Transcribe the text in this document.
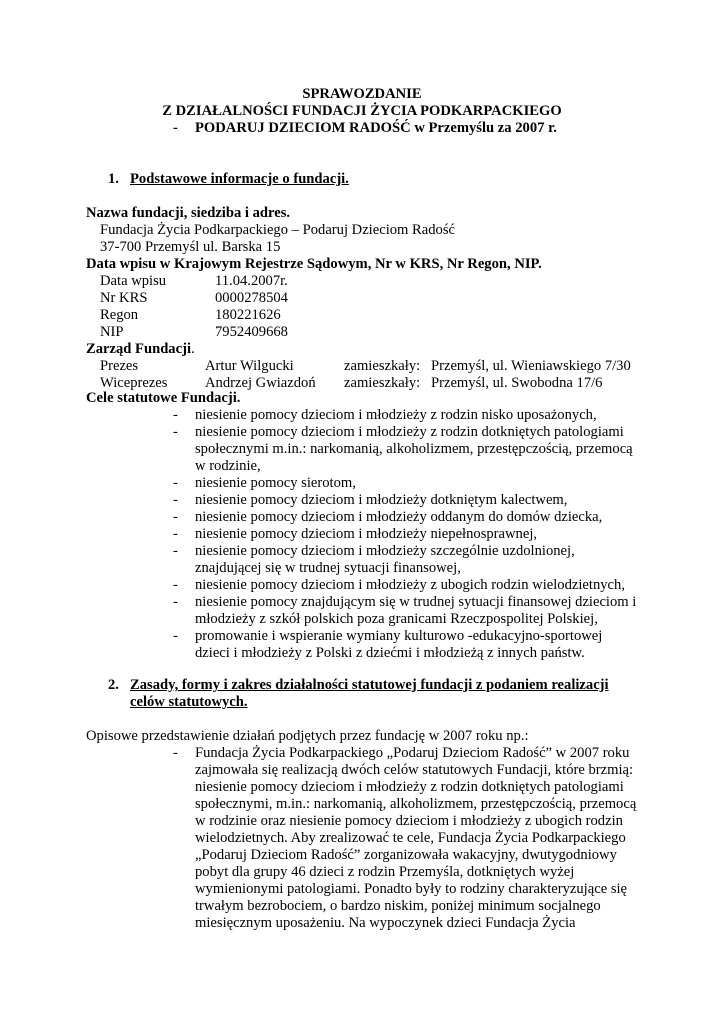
SPRAWOZDANIE
Z DZIAŁALNOŚCI FUNDACJI ŻYCIA PODKARPACKIEGO
- PODARUJ DZIECIOM RADOŚĆ w Przemyślu za 2007 r.
1. Podstawowe informacje o fundacji.
Nazwa fundacji, siedziba i adres.
Fundacja Życia Podkarpackiego – Podaruj Dzieciom Radość
37-700 Przemyśl ul. Barska 15
Data wpisu w Krajowym Rejestrze Sądowym, Nr w KRS, Nr Regon, NIP.
Data wpisu	11.04.2007r.
Nr KRS	0000278504
Regon	180221626
NIP	7952409668
Zarząd Fundacji.
Prezes	Artur Wilgucki	zamieszkały: Przemyśl, ul. Wieniawskiego 7/30
Wiceprezes	Andrzej Gwiazdoń zamieszkały: Przemyśl, ul. Swobodna 17/6
Cele statutowe Fundacji.
- niesienie pomocy dzieciom i młodzieży z rodzin nisko uposażonych,
- niesienie pomocy dzieciom i młodzieży z rodzin dotkniętych patologiami
społecznymi m.in.: narkomanią, alkoholizmem, przestępczością, przemocą
w rodzinie,
- niesienie pomocy sierotom,
- niesienie pomocy dzieciom i młodzieży dotkniętym kalectwem,
- niesienie pomocy dzieciom i młodzieży oddanym do domów dziecka,
- niesienie pomocy dzieciom i młodzieży niepełnosprawnej,
- niesienie pomocy dzieciom i młodzieży szczególnie uzdolnionej,
znajdującej się w trudnej sytuacji finansowej,
- niesienie pomocy dzieciom i młodzieży z ubogich rodzin wielodzietnych,
- niesienie pomocy znajdującym się w trudnej sytuacji finansowej dzieciom i
młodzieży z szkół polskich poza granicami Rzeczpospolitej Polskiej,
- promowanie i wspieranie wymiany kulturowo -edukacyjno-sportowej
dzieci i młodzieży z Polski z dziećmi i młodzieżą z innych państw.
2. Zasady, formy i zakres działalności statutowej fundacji z podaniem realizacji
celów statutowych.
Opisowe przedstawienie działań podjętych przez fundację w 2007 roku np.:
- Fundacja Życia Podkarpackiego „Podaruj Dzieciom Radość” w 2007 roku
zajmowała się realizacją dwóch celów statutowych Fundacji, które brzmią:
niesienie pomocy dzieciom i młodzieży z rodzin dotkniętych patologiami
społecznymi, m.in.: narkomanią, alkoholizmem, przestępczością, przemocą
w rodzinie oraz niesienie pomocy dzieciom i młodzieży z ubogich rodzin
wielodzietnych. Aby zrealizować te cele, Fundacja Życia Podkarpackiego
„Podaruj Dzieciom Radość” zorganizowała wakacyjny, dwutygodniowy
pobyt dla grupy 46 dzieci z rodzin Przemyśla, dotkniętych wyżej
wymienionymi patologiami. Ponadto były to rodziny charakteryzujące się
trwałym bezrobociem, o bardzo niskim, poniżej minimum socjalnego
miesięcznym uposażeniu. Na wypoczynek dzieci Fundacja Życia
